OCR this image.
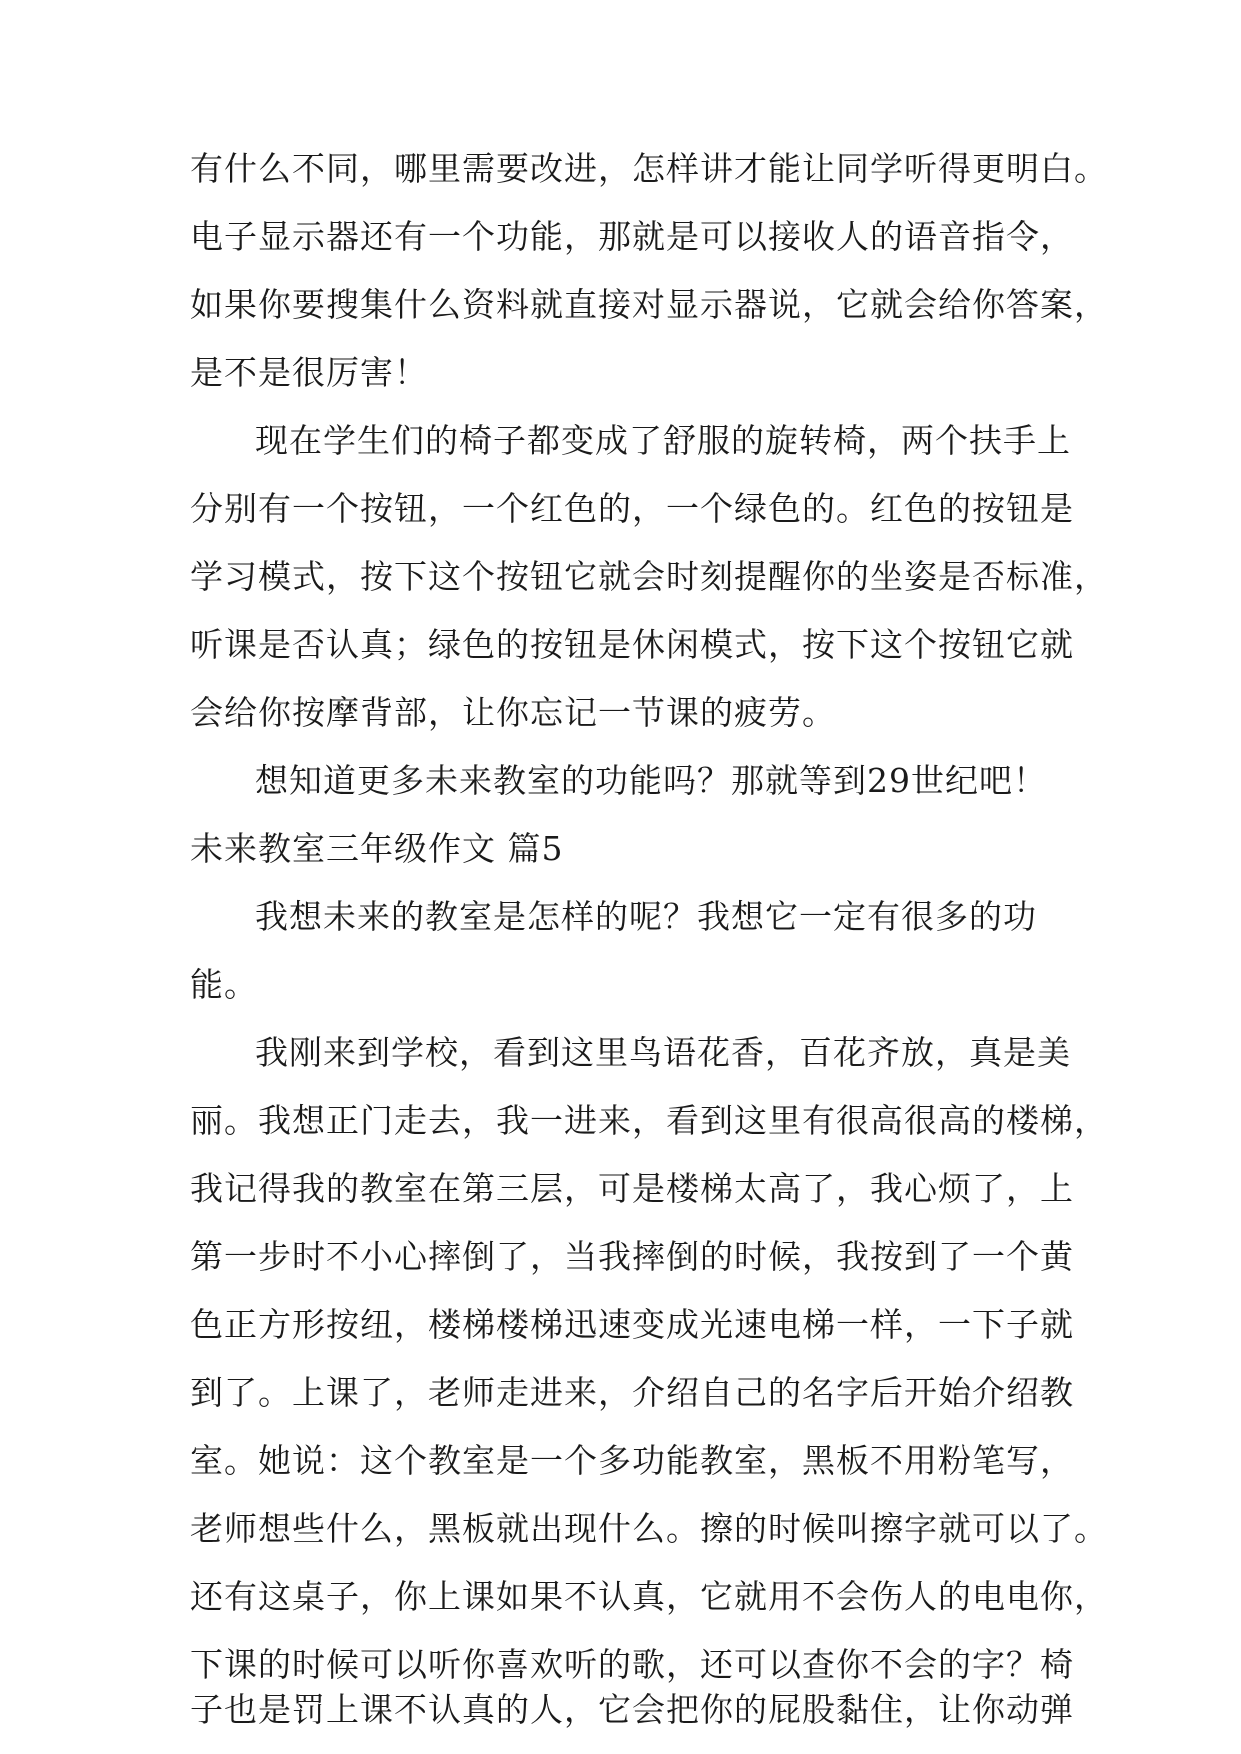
有什么不同，哪里需要改进，怎样讲才能让同学听得更明白。
电子显示器还有一个功能，那就是可以接收人的语音指令，
如果你要搜集什么资料就直接对显示器说，它就会给你答案，
是不是很厉害！
现在学生们的椅子都变成了舒服的旋转椅，两个扶手上
分别有一个按钮，一个红色的，一个绿色的。红色的按钮是
学习模式，按下这个按钮它就会时刻提醒你的坐姿是否标准，
听课是否认真；绿色的按钮是休闲模式，按下这个按钮它就
会给你按摩背部，让你忘记一节课的疲劳。
想知道更多未来教室的功能吗？那就等到29世纪吧！
未来教室三年级作文 篇5
我想未来的教室是怎样的呢？我想它一定有很多的功
能。
我刚来到学校，看到这里鸟语花香，百花齐放，真是美
丽。我想正门走去，我一进来，看到这里有很高很高的楼梯，
我记得我的教室在第三层，可是楼梯太高了，我心烦了，上
第一步时不小心摔倒了，当我摔倒的时候，我按到了一个黄
色正方形按纽，楼梯楼梯迅速变成光速电梯一样，一下子就
到了。上课了，老师走进来，介绍自己的名字后开始介绍教
室。她说：这个教室是一个多功能教室，黑板不用粉笔写，
老师想些什么，黑板就出现什么。擦的时候叫擦字就可以了。
还有这桌子，你上课如果不认真，它就用不会伤人的电电你，
下课的时候可以听你喜欢听的歌，还可以查你不会的字？椅
子也是罚上课不认真的人，它会把你的屁股黏住，让你动弹
